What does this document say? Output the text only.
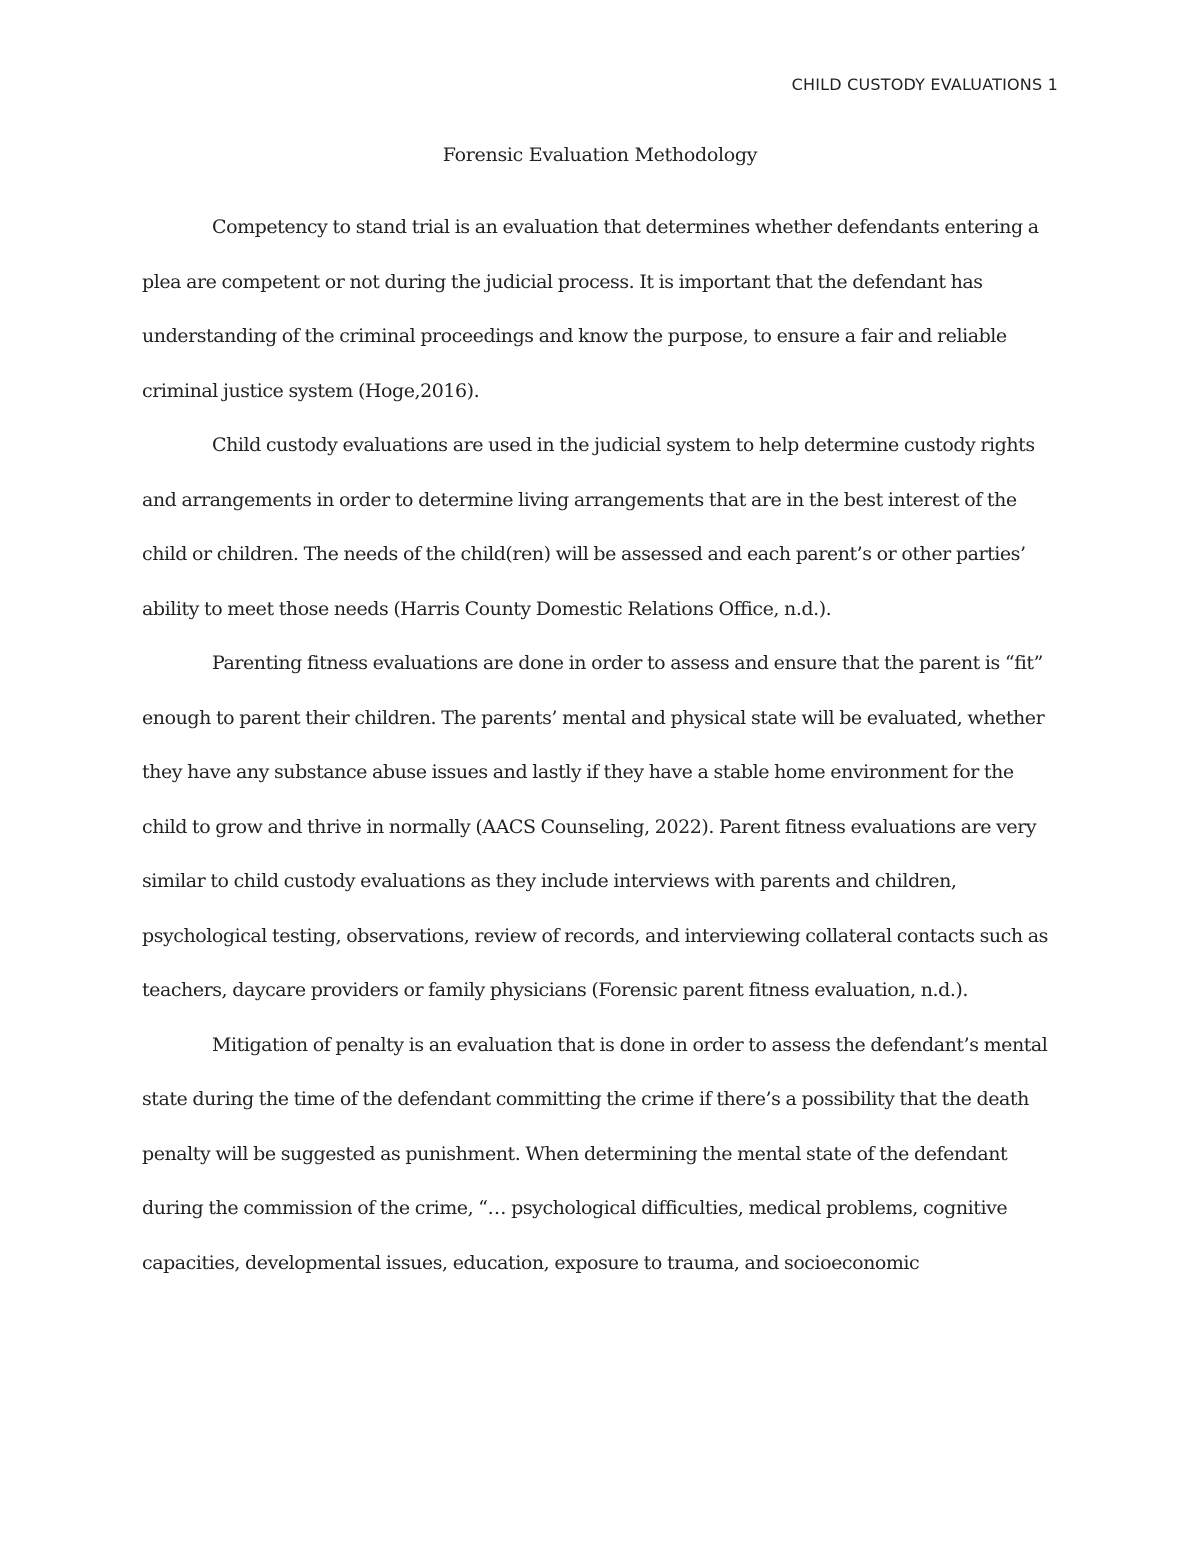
CHILD CUSTODY EVALUATIONS 1
Forensic Evaluation Methodology

Competency to stand trial is an evaluation that determines whether defendants entering a plea are competent or not during the judicial process. It is important that the defendant has understanding of the criminal proceedings and know the purpose, to ensure a fair and reliable criminal justice system (Hoge,2016).

Child custody evaluations are used in the judicial system to help determine custody rights and arrangements in order to determine living arrangements that are in the best interest of the child or children. The needs of the child(ren) will be assessed and each parent’s or other parties’ ability to meet those needs (Harris County Domestic Relations Office, n.d.).

Parenting fitness evaluations are done in order to assess and ensure that the parent is “fit” enough to parent their children. The parents’ mental and physical state will be evaluated, whether they have any substance abuse issues and lastly if they have a stable home environment for the child to grow and thrive in normally (AACS Counseling, 2022). Parent fitness evaluations are very similar to child custody evaluations as they include interviews with parents and children, psychological testing, observations, review of records, and interviewing collateral contacts such as teachers, daycare providers or family physicians (Forensic parent fitness evaluation, n.d.).

Mitigation of penalty is an evaluation that is done in order to assess the defendant’s mental state during the time of the defendant committing the crime if there’s a possibility that the death penalty will be suggested as punishment. When determining the mental state of the defendant during the commission of the crime, “… psychological difficulties, medical problems, cognitive capacities, developmental issues, education, exposure to trauma, and socioeconomic
